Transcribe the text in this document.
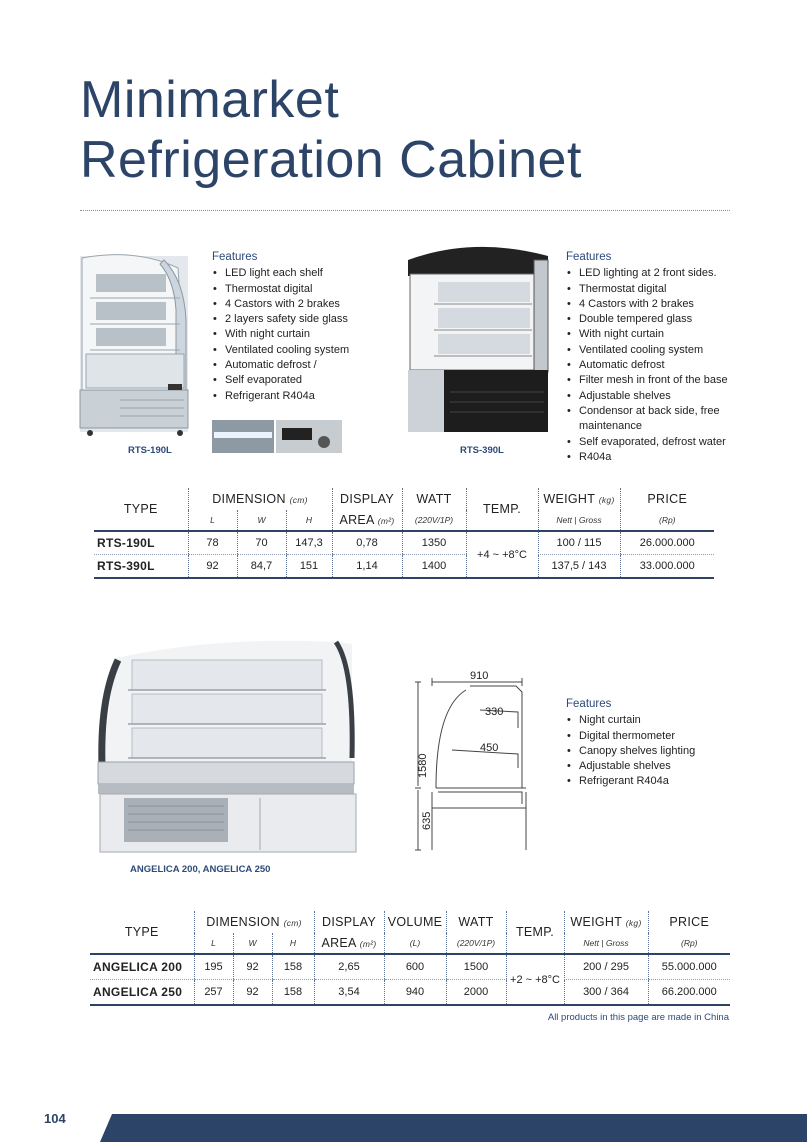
Minimarket
Refrigeration Cabinet
RTS-190L
Features
• LED light each shelf
• Thermostat digital
• 4 Castors with 2 brakes
• 2 layers safety side glass
• With night curtain
• Ventilated cooling system
• Automatic defrost /
• Self evaporated
• Refrigerant R404a
RTS-390L
Features
• LED lighting at 2 front sides.
• Thermostat digital
• 4 Castors with 2 brakes
• Double tempered glass
• With night curtain
• Ventilated cooling system
• Automatic defrost
• Filter mesh in front of the base
• Adjustable shelves
• Condensor at back side, free maintenance
• Self evaporated, defrost water
• R404a
TYPE	DIMENSION (cm)			DISPLAY	WATT	TEMP.	WEIGHT (kg)	PRICE
	L	W	H	AREA (m²)	(220V/1P)		Nett | Gross	(Rp)
RTS-190L	78	70	147,3	0,78	1350	+4 ~ +8°C	100 / 115	26.000.000
RTS-390L	92	84,7	151	1,14	1400		137,5 / 143	33.000.000
ANGELICA 200, ANGELICA 250
910
330
450
1580
635
Features
• Night curtain
• Digital thermometer
• Canopy shelves lighting
• Adjustable shelves
• Refrigerant R404a
TYPE	DIMENSION (cm)			DISPLAY	VOLUME	WATT	TEMP.	WEIGHT (kg)	PRICE
	L	W	H	AREA (m²)	(L)	(220V/1P)		Nett | Gross	(Rp)
ANGELICA 200	195	92	158	2,65	600	1500	+2 ~ +8°C	200 / 295	55.000.000
ANGELICA 250	257	92	158	3,54	940	2000		300 / 364	66.200.000
All products in this page are made in China
104
